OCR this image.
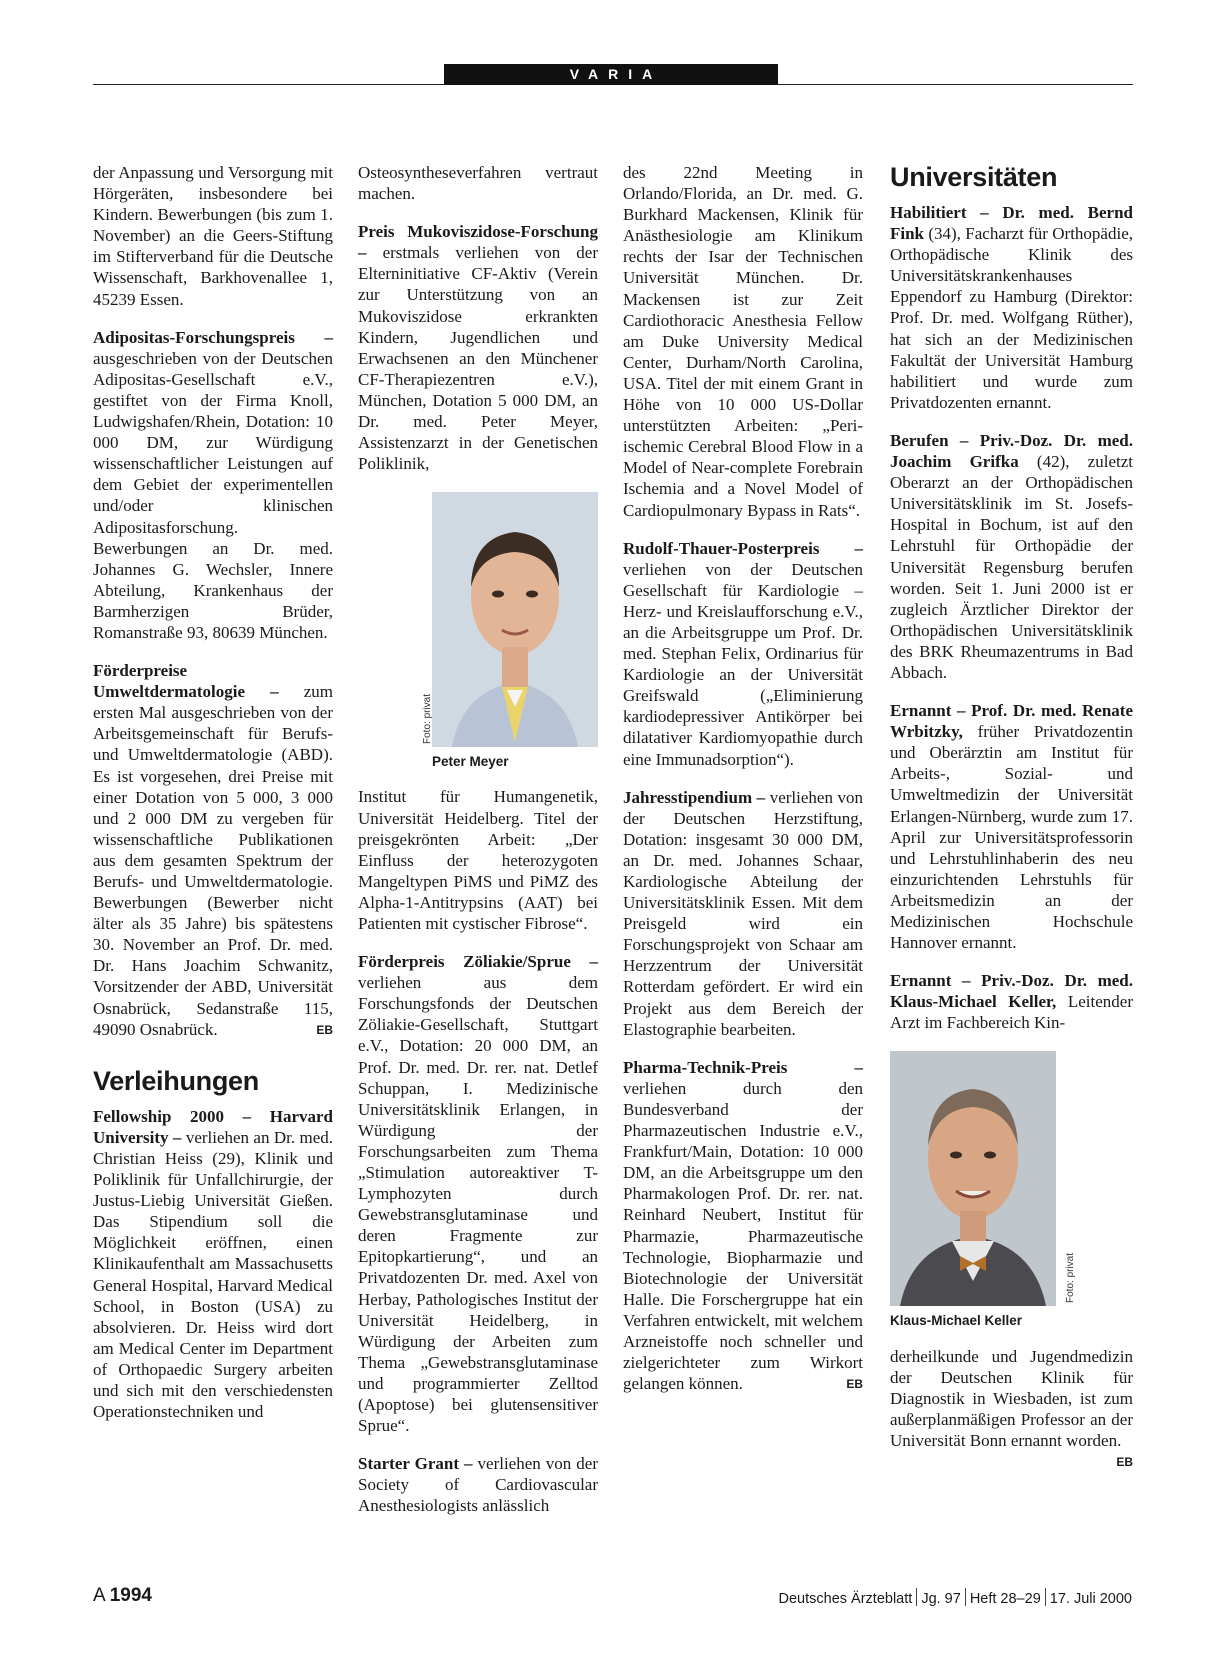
VARIA

der Anpassung und Versorgung mit Hörgeräten, insbesondere bei Kindern. Bewerbungen (bis zum 1. November) an die Geers-Stiftung im Stifterverband für die Deutsche Wissenschaft, Barkhovenallee 1, 45239 Essen.

Adipositas-Forschungspreis – ausgeschrieben von der Deutschen Adipositas-Gesellschaft e.V., gestiftet von der Firma Knoll, Ludwigshafen/Rhein, Dotation: 10 000 DM, zur Würdigung wissenschaftlicher Leistungen auf dem Gebiet der experimentellen und/oder klinischen Adipositasforschung. Bewerbungen an Dr. med. Johannes G. Wechsler, Innere Abteilung, Krankenhaus der Barmherzigen Brüder, Romanstraße 93, 80639 München.

Förderpreise Umweltdermatologie – zum ersten Mal ausgeschrieben von der Arbeitsgemeinschaft für Berufs- und Umweltdermatologie (ABD). Es ist vorgesehen, drei Preise mit einer Dotation von 5 000, 3 000 und 2 000 DM zu vergeben für wissenschaftliche Publikationen aus dem gesamten Spektrum der Berufs- und Umweltdermatologie. Bewerbungen (Bewerber nicht älter als 35 Jahre) bis spätestens 30. November an Prof. Dr. med. Dr. Hans Joachim Schwanitz, Vorsitzender der ABD, Universität Osnabrück, Sedanstraße 115, 49090 Osnabrück.	EB

Verleihungen

Fellowship 2000 – Harvard University – verliehen an Dr. med. Christian Heiss (29), Klinik und Poliklinik für Unfallchirurgie, der Justus-Liebig Universität Gießen. Das Stipendium soll die Möglichkeit eröffnen, einen Klinikaufenthalt am Massachusetts General Hospital, Harvard Medical School, in Boston (USA) zu absolvieren. Dr. Heiss wird dort am Medical Center im Department of Orthopaedic Surgery arbeiten und sich mit den verschiedensten Operationstechniken und

Osteosyntheseverfahren vertraut machen.

Preis Mukoviszidose-Forschung – erstmals verliehen von der Elterninitiative CF-Aktiv (Verein zur Unterstützung von an Mukoviszidose erkrankten Kindern, Jugendlichen und Erwachsenen an den Münchener CF-Therapiezentren e.V.), München, Dotation 5 000 DM, an Dr. med. Peter Meyer, Assistenzarzt in der Genetischen Poliklinik,

Foto: privat
Peter Meyer

Institut für Humangenetik, Universität Heidelberg. Titel der preisgekrönten Arbeit: „Der Einfluss der heterozygoten Mangeltypen PiMS und PiMZ des Alpha-1-Antitrypsins (AAT) bei Patienten mit cystischer Fibrose“.

Förderpreis Zöliakie/Sprue – verliehen aus dem Forschungsfonds der Deutschen Zöliakie-Gesellschaft, Stuttgart e.V., Dotation: 20 000 DM, an Prof. Dr. med. Dr. rer. nat. Detlef Schuppan, I. Medizinische Universitätsklinik Erlangen, in Würdigung der Forschungsarbeiten zum Thema „Stimulation autoreaktiver T-Lymphozyten durch Gewebstransglutaminase und deren Fragmente zur Epitopkartierung“, und an Privatdozenten Dr. med. Axel von Herbay, Pathologisches Institut der Universität Heidelberg, in Würdigung der Arbeiten zum Thema „Gewebstransglutaminase und programmierter Zelltod (Apoptose) bei glutensensitiver Sprue“.

Starter Grant – verliehen von der Society of Cardiovascular Anesthesiologists anlässlich

des 22nd Meeting in Orlando/Florida, an Dr. med. G. Burkhard Mackensen, Klinik für Anästhesiologie am Klinikum rechts der Isar der Technischen Universität München. Dr. Mackensen ist zur Zeit Cardiothoracic Anesthesia Fellow am Duke University Medical Center, Durham/North Carolina, USA. Titel der mit einem Grant in Höhe von 10 000 US-Dollar unterstützten Arbeiten: „Peri-ischemic Cerebral Blood Flow in a Model of Near-complete Forebrain Ischemia and a Novel Model of Cardiopulmonary Bypass in Rats“.

Rudolf-Thauer-Posterpreis – verliehen von der Deutschen Gesellschaft für Kardiologie – Herz- und Kreislaufforschung e.V., an die Arbeitsgruppe um Prof. Dr. med. Stephan Felix, Ordinarius für Kardiologie an der Universität Greifswald („Eliminierung kardiodepressiver Antikörper bei dilatativer Kardiomyopathie durch eine Immunadsorption“).

Jahresstipendium – verliehen von der Deutschen Herzstiftung, Dotation: insgesamt 30 000 DM, an Dr. med. Johannes Schaar, Kardiologische Abteilung der Universitätsklinik Essen. Mit dem Preisgeld wird ein Forschungsprojekt von Schaar am Herzzentrum der Universität Rotterdam gefördert. Er wird ein Projekt aus dem Bereich der Elastographie bearbeiten.

Pharma-Technik-Preis – verliehen durch den Bundesverband der Pharmazeutischen Industrie e.V., Frankfurt/Main, Dotation: 10 000 DM, an die Arbeitsgruppe um den Pharmakologen Prof. Dr. rer. nat. Reinhard Neubert, Institut für Pharmazie, Pharmazeutische Technologie, Biopharmazie und Biotechnologie der Universität Halle. Die Forschergruppe hat ein Verfahren entwickelt, mit welchem Arzneistoffe noch schneller und zielgerichteter zum Wirkort gelangen können.	EB

Universitäten

Habilitiert – Dr. med. Bernd Fink (34), Facharzt für Orthopädie, Orthopädische Klinik des Universitätskrankenhauses Eppendorf zu Hamburg (Direktor: Prof. Dr. med. Wolfgang Rüther), hat sich an der Medizinischen Fakultät der Universität Hamburg habilitiert und wurde zum Privatdozenten ernannt.

Berufen – Priv.-Doz. Dr. med. Joachim Grifka (42), zuletzt Oberarzt an der Orthopädischen Universitätsklinik im St. Josefs-Hospital in Bochum, ist auf den Lehrstuhl für Orthopädie der Universität Regensburg berufen worden. Seit 1. Juni 2000 ist er zugleich Ärztlicher Direktor der Orthopädischen Universitätsklinik des BRK Rheumazentrums in Bad Abbach.

Ernannt – Prof. Dr. med. Renate Wrbitzky, früher Privatdozentin und Oberärztin am Institut für Arbeits-, Sozial- und Umweltmedizin der Universität Erlangen-Nürnberg, wurde zum 17. April zur Universitätsprofessorin und Lehrstuhlinhaberin des neu einzurichtenden Lehrstuhls für Arbeitsmedizin an der Medizinischen Hochschule Hannover ernannt.

Ernannt – Priv.-Doz. Dr. med. Klaus-Michael Keller, Leitender Arzt im Fachbereich Kin-

Foto: privat
Klaus-Michael Keller

derheilkunde und Jugendmedizin der Deutschen Klinik für Diagnostik in Wiesbaden, ist zum außerplanmäßigen Professor an der Universität Bonn ernannt worden.
EB

A 1994	Deutsches Ärzteblatt Jg. 97 Heft 28–29 17. Juli 2000
